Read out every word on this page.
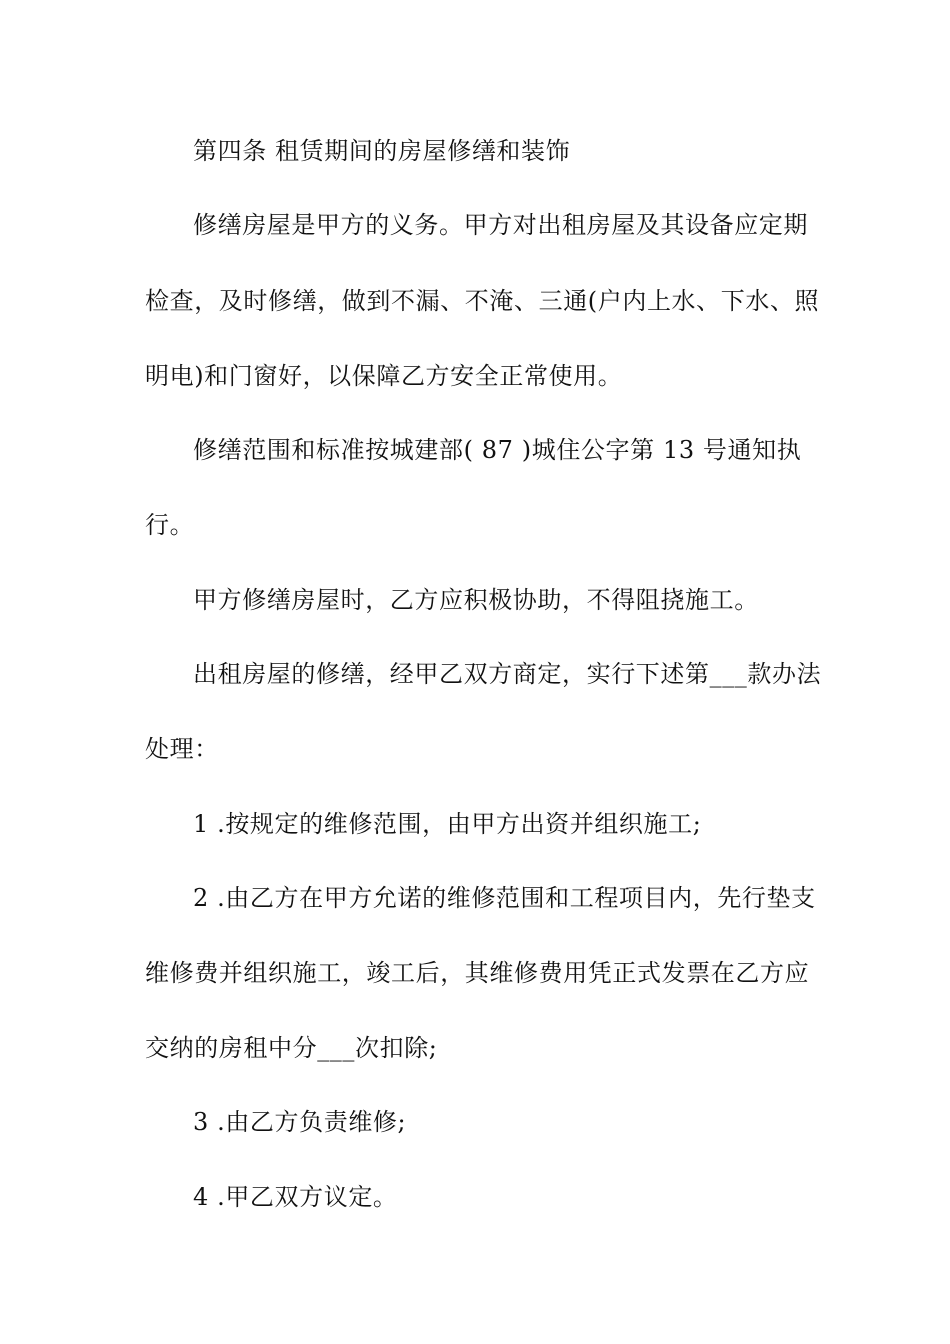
第四条 租赁期间的房屋修缮和装饰
修缮房屋是甲方的义务。甲方对出租房屋及其设备应定期
检查，及时修缮，做到不漏、不淹、三通(户内上水、下水、照
明电)和门窗好，以保障乙方安全正常使用。
修缮范围和标准按城建部( 87 )城住公字第 13 号通知执
行。
甲方修缮房屋时，乙方应积极协助，不得阻挠施工。
出租房屋的修缮，经甲乙双方商定，实行下述第___款办法
处理：
1 .按规定的维修范围，由甲方出资并组织施工;
2 .由乙方在甲方允诺的维修范围和工程项目内，先行垫支
维修费并组织施工，竣工后，其维修费用凭正式发票在乙方应
交纳的房租中分___次扣除;
3 .由乙方负责维修;
4 .甲乙双方议定。
